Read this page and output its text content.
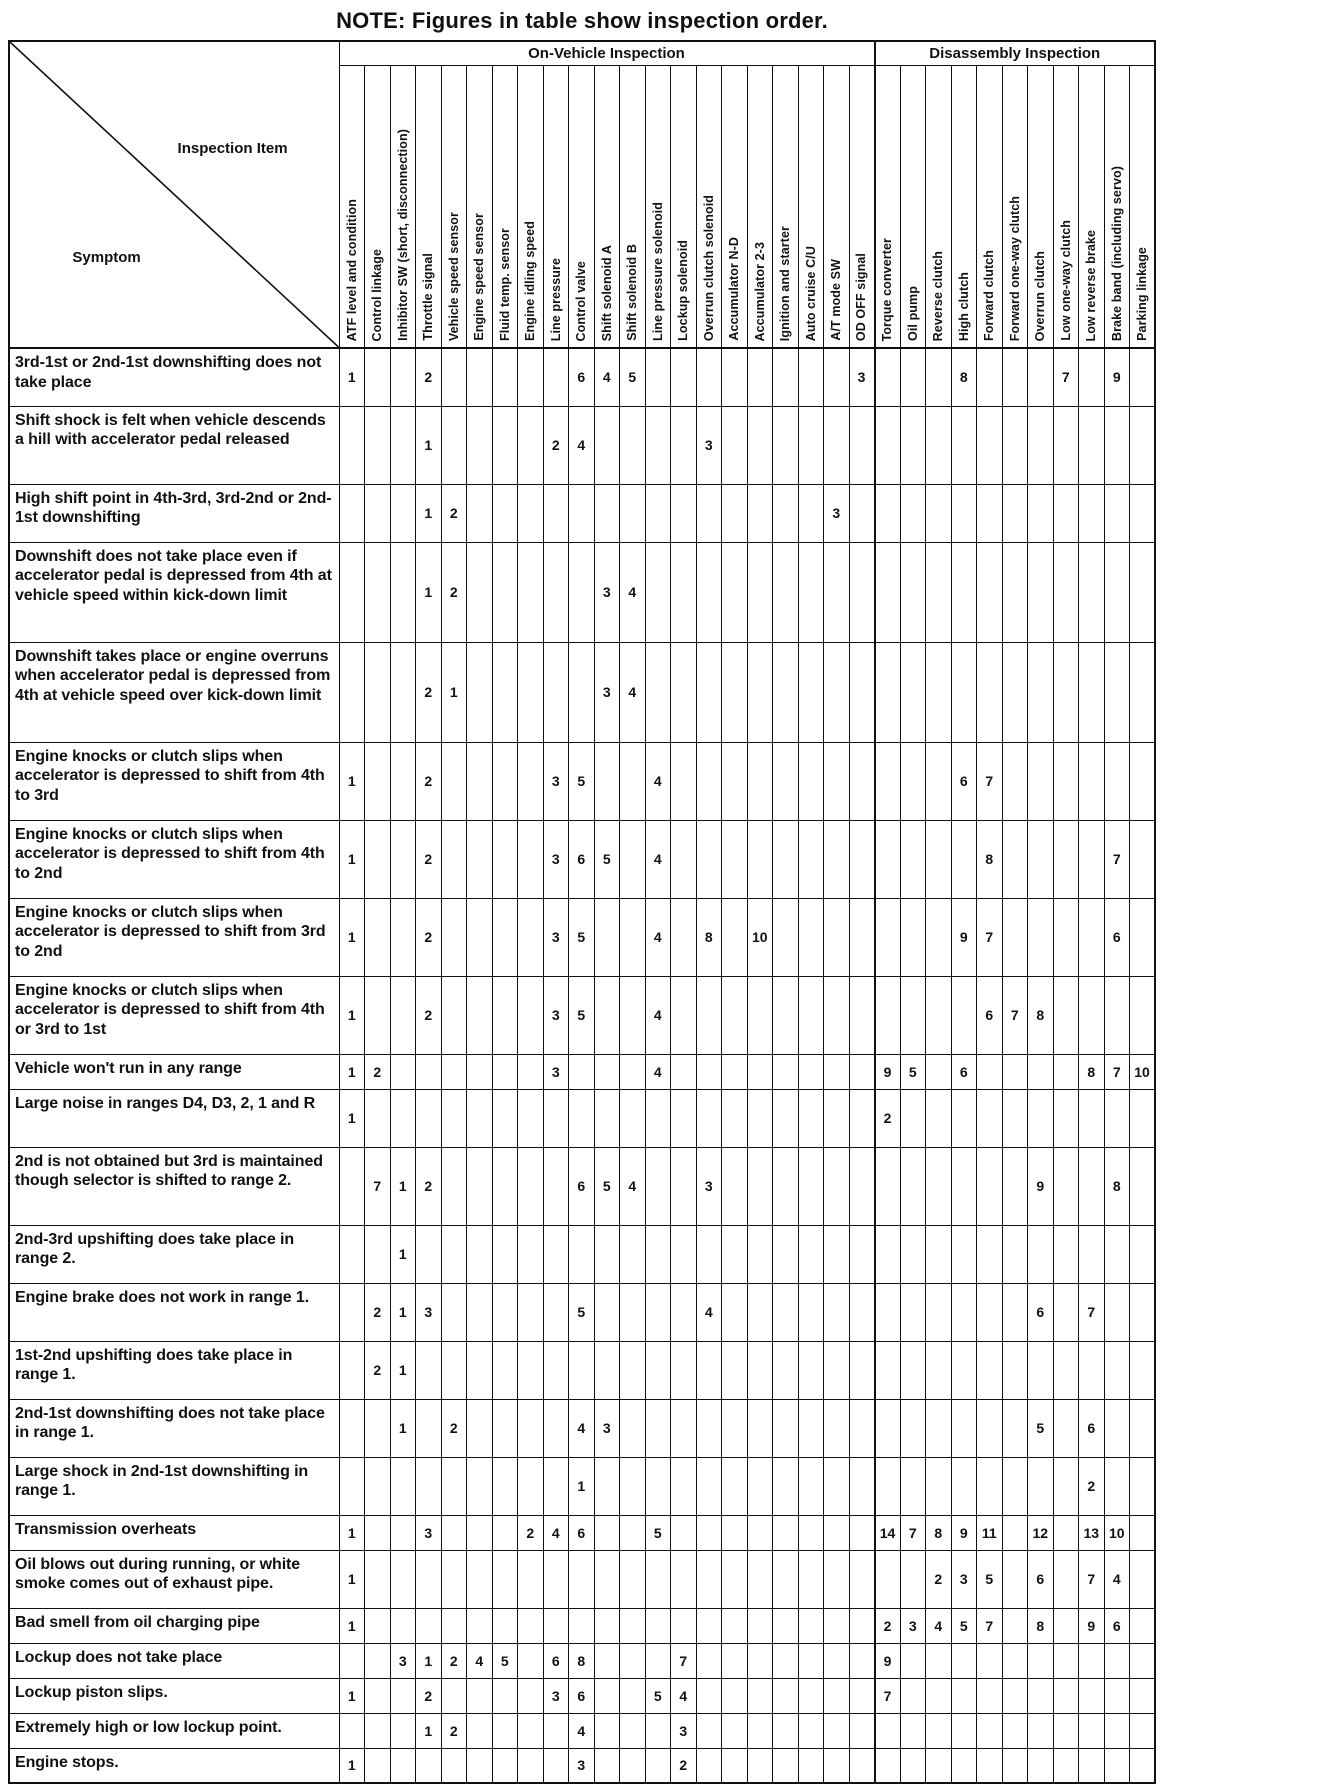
NOTE: Figures in table show inspection order.
Inspection Item
Symptom	On-Vehicle Inspection																					Disassembly Inspection										

	ATF level and condition	Control linkage	Inhibitor SW (short, disconnection)	Throttle signal	Vehicle speed sensor	Engine speed sensor	Fluid temp. sensor	Engine idling speed	Line pressure	Control valve	Shift solenoid A	Shift solenoid B	Line pressure solenoid	Lockup solenoid	Overrun clutch solenoid	Accumulator N-D	Accumulator 2-3	Ignition and starter	Auto cruise C/U	A/T mode SW	OD OFF signal	Torque converter	Oil pump	Reverse clutch	High clutch	Forward clutch	Forward one-way clutch	Overrun clutch	Low one-way clutch	Low reverse brake	Brake band (including servo)	Parking linkage

3rd-1st or 2nd-1st downshifting does not take place	1			2						6	4	5									3				8				7		9	
Shift shock is felt when vehicle descends a hill with accelerator pedal released				1					2	4					3																	
High shift point in 4th-3rd, 3rd-2nd or 2nd-1st downshifting				1	2															3												
Downshift does not take place even if accelerator pedal is depressed from 4th at vehicle speed within kick-down limit				1	2						3	4																				
Downshift takes place or engine overruns when accelerator pedal is depressed from 4th at vehicle speed over kick-down limit				2	1						3	4																				
Engine knocks or clutch slips when accelerator is depressed to shift from 4th to 3rd	1			2					3	5			4												6	7						
Engine knocks or clutch slips when accelerator is depressed to shift from 4th to 2nd	1			2					3	6	5		4													8					7	
Engine knocks or clutch slips when accelerator is depressed to shift from 3rd to 2nd	1			2					3	5			4		8		10								9	7					6	
Engine knocks or clutch slips when accelerator is depressed to shift from 4th or 3rd to 1st	1			2					3	5			4													6	7	8				
Vehicle won't run in any range	1	2							3				4									9	5		6					8	7	10
Large noise in ranges D4, D3, 2, 1 and R	1																					2										
2nd is not obtained but 3rd is maintained though selector is shifted to range 2.		7	1	2						6	5	4			3													9			8	
2nd-3rd upshifting does take place in range 2.			1																													
Engine brake does not work in range 1.		2	1	3						5					4													6		7		
1st-2nd upshifting does take place in range 1.		2	1																													
2nd-1st downshifting does not take place in range 1.			1		2					4	3																	5		6		
Large shock in 2nd-1st downshifting in range 1.										1																				2		
Transmission overheats	1			3				2	4	6			5									14	7	8	9	11		12		13	10	
Oil blows out during running, or white smoke comes out of exhaust pipe.	1																							2	3	5		6		7	4	
Bad smell from oil charging pipe	1																					2	3	4	5	7		8		9	6	
Lockup does not take place			3	1	2	4	5		6	8				7								9										
Lockup piston slips.	1			2					3	6			5	4								7										
Extremely high or low lockup point.				1	2					4				3																		
Engine stops.	1									3				2																		
